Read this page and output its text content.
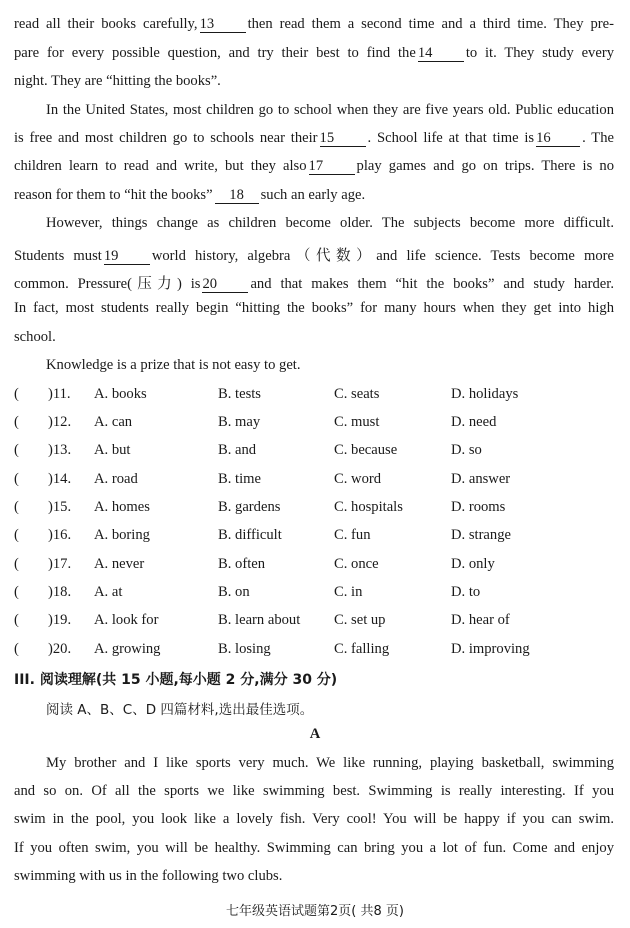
read all their books carefully, 13 then read them a second time and a third time. They pre-
pare for every possible question, and try their best to find the 14 to it. They study every
night. They are “hitting the books”.
In the United States, most children go to school when they are five years old. Public education
is free and most children go to schools near their 15 . School life at that time is 16 . The
children learn to read and write, but they also 17 play games and go on trips. There is no
reason for them to “hit the books” 18 such an early age.
However, things change as children become older. The subjects become more difficult.
Students must 19 world history, algebra（代数）and life science. Tests become more
common. Pressure(压力) is 20 and that makes them “hit the books” and study harder.
In fact, most students really begin “hitting the books” for many hours when they get into high
school.
Knowledge is a prize that is not easy to get.
( )11. A. books	B. tests	C. seats	D. holidays
( )12. A. can	B. may	C. must	D. need
( )13. A. but	B. and	C. because	D. so
( )14. A. road	B. time	C. word	D. answer
( )15. A. homes	B. gardens	C. hospitals	D. rooms
( )16. A. boring	B. difficult	C. fun	D. strange
( )17. A. never	B. often	C. once	D. only
( )18. A. at	B. on	C. in	D. to
( )19. A. look for	B. learn about C. set up	D. hear of
( )20. A. growing	B. losing	C. falling	D. improving
III. 阅读理解(共 15 小题,每小题 2 分,满分 30 分)
阅读 A、B、C、D 四篇材料,选出最佳选项。
A
My brother and I like sports very much. We like running, playing basketball, swimming
and so on. Of all the sports we like swimming best. Swimming is really interesting. If you
swim in the pool, you look like a lovely fish. Very cool! You will be happy if you can swim.
If you often swim, you will be healthy. Swimming can bring you a lot of fun. Come and enjoy
swimming with us in the following two clubs.
七年级英语试题第2页( 共8 页)
